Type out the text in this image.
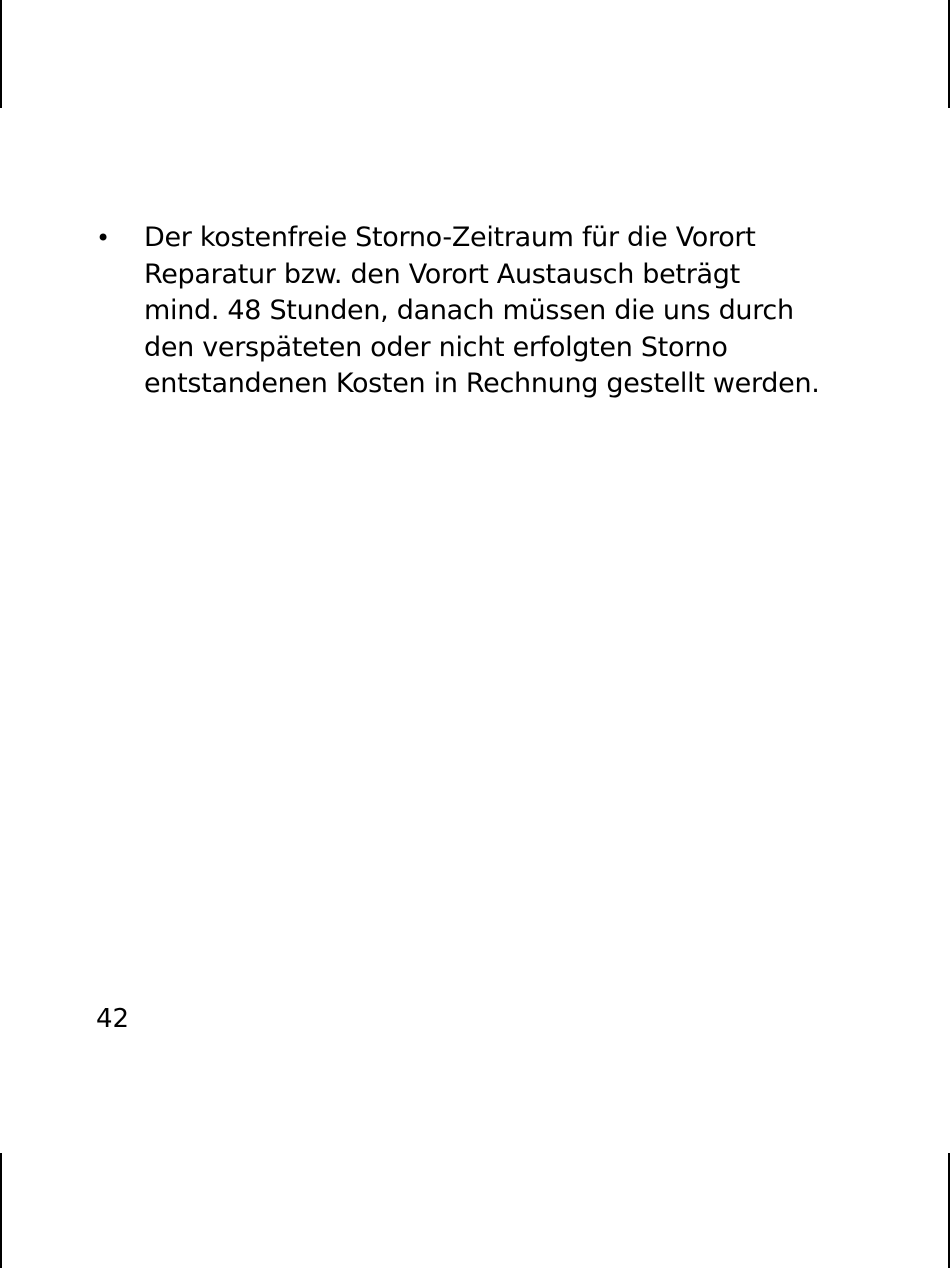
•	Der kostenfreie Storno-Zeitraum für die Vorort
Reparatur bzw. den Vorort Austausch beträgt
mind. 48 Stunden, danach müssen die uns durch
den verspäteten oder nicht erfolgten Storno
entstandenen Kosten in Rechnung gestellt werden.
42
